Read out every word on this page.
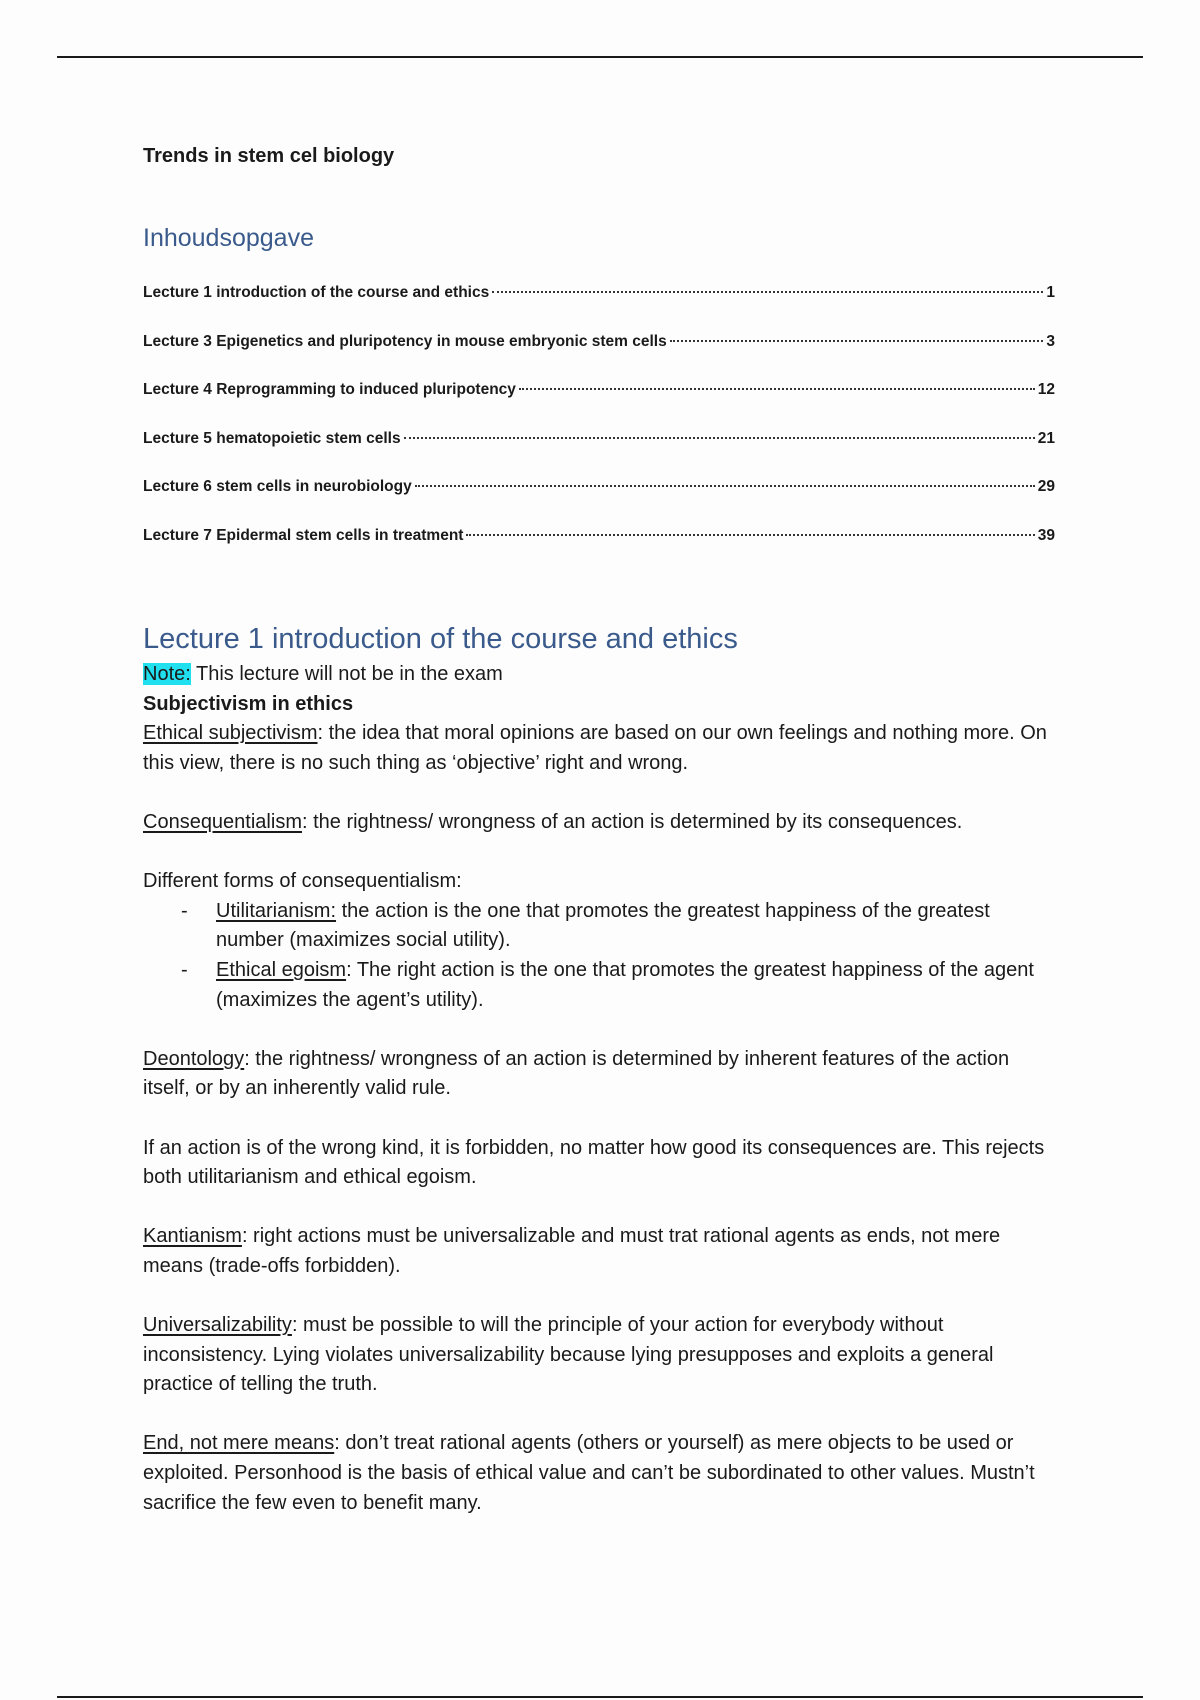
Trends in stem cel biology
Inhoudsopgave
Lecture 1 introduction of the course and ethics	1
Lecture 3 Epigenetics and pluripotency in mouse embryonic stem cells	3
Lecture 4 Reprogramming to induced pluripotency	12
Lecture 5 hematopoietic stem cells	21
Lecture 6 stem cells in neurobiology	29
Lecture 7 Epidermal stem cells in treatment	39
Lecture 1 introduction of the course and ethics

Note: This lecture will not be in the exam

Subjectivism in ethics

Ethical subjectivism: the idea that moral opinions are based on our own feelings and nothing more. On this view, there is no such thing as ‘objective’ right and wrong.

Consequentialism: the rightness/ wrongness of an action is determined by its consequences.

Different forms of consequentialism:

- Utilitarianism: the action is the one that promotes the greatest happiness of the greatest number (maximizes social utility).
- Ethical egoism: The right action is the one that promotes the greatest happiness of the agent (maximizes the agent’s utility).

Deontology: the rightness/ wrongness of an action is determined by inherent features of the action itself, or by an inherently valid rule.

If an action is of the wrong kind, it is forbidden, no matter how good its consequences are. This rejects both utilitarianism and ethical egoism.

Kantianism: right actions must be universalizable and must trat rational agents as ends, not mere means (trade-offs forbidden).

Universalizability: must be possible to will the principle of your action for everybody without inconsistency. Lying violates universalizability because lying presupposes and exploits a general practice of telling the truth.

End, not mere means: don’t treat rational agents (others or yourself) as mere objects to be used or exploited. Personhood is the basis of ethical value and can’t be subordinated to other values. Mustn’t sacrifice the few even to benefit many.
